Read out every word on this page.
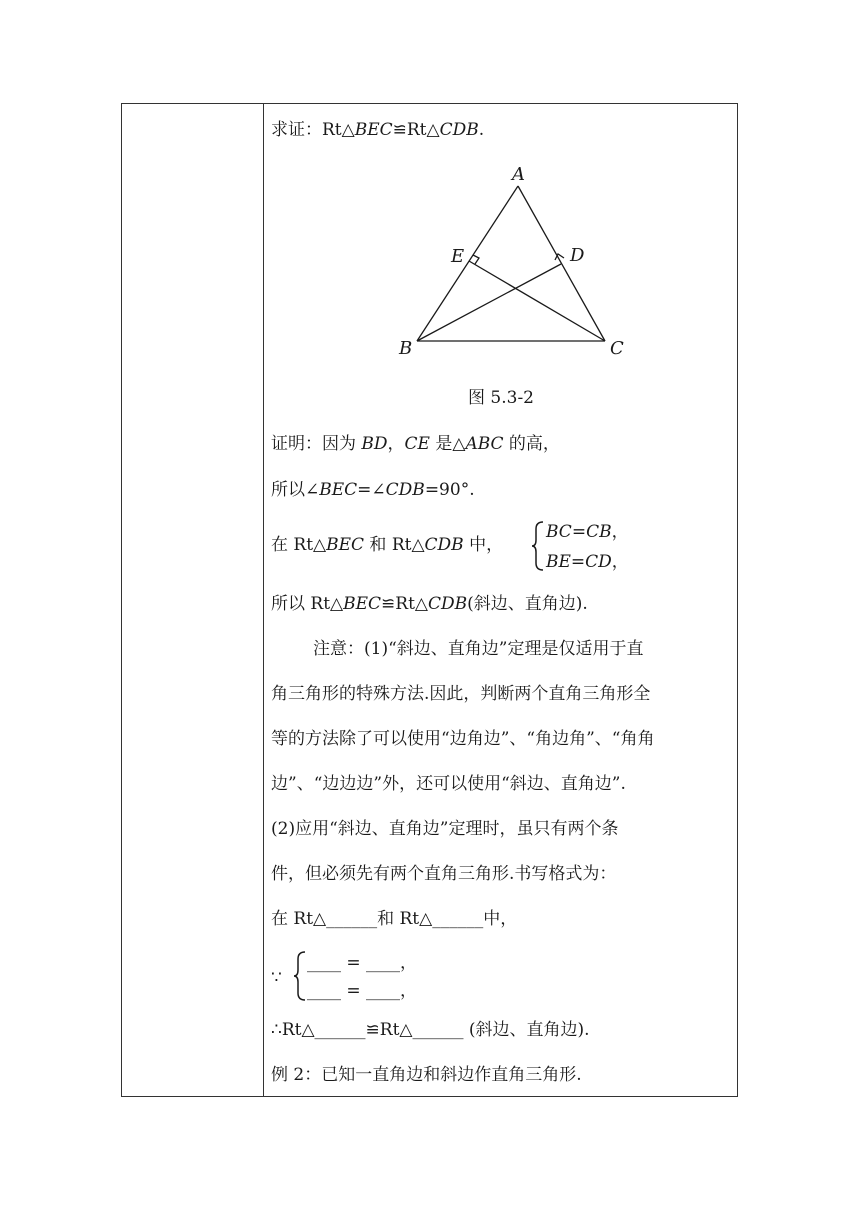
求证：Rt△BEC≌Rt△CDB.
A
E	D
B	C
图 5.3-2
证明：因为 BD，CE 是△ABC 的高，
所以∠BEC=∠CDB=90°.
在 Rt△BEC 和 Rt△CDB 中，
BC=CB，
BE=CD，
所以 Rt△BEC≌Rt△CDB(斜边、直角边).
注意：(1)“斜边、直角边”定理是仅适用于直
角三角形的特殊方法.因此，判断两个直角三角形全
等的方法除了可以使用“边角边”、“角边角”、“角角
边”、“边边边”外，还可以使用“斜边、直角边”.
(2)应用“斜边、直角边”定理时，虽只有两个条
件，但必须先有两个直角三角形.书写格式为：
在 Rt△______和 Rt△______中，
∵
____ = ____，
____ = ____，
∴Rt△______≌Rt△______ (斜边、直角边).
例 2：已知一直角边和斜边作直角三角形.
